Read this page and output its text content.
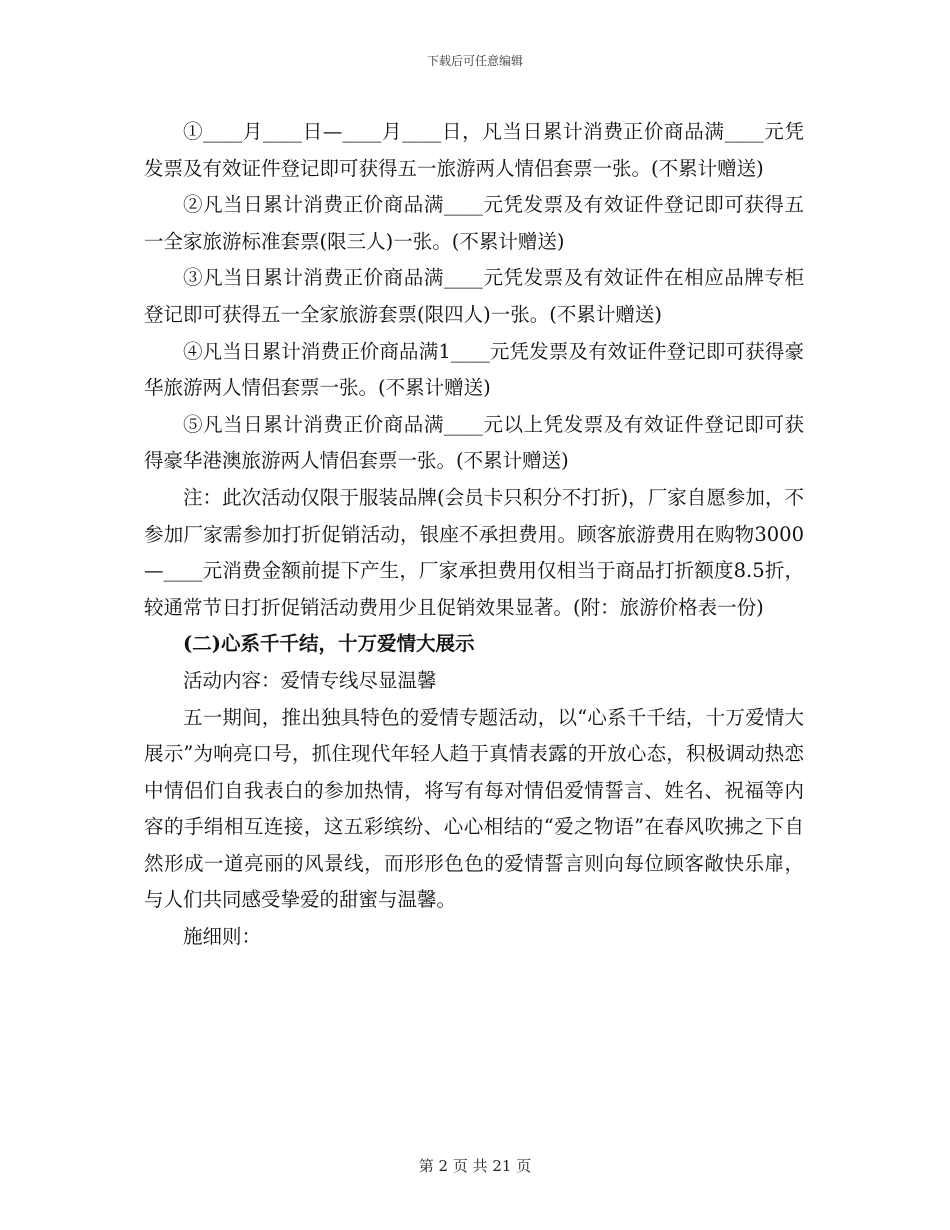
下载后可任意编辑

①____月____日—____月____日，凡当日累计消费正价商品满____元凭发票及有效证件登记即可获得五一旅游两人情侣套票一张。(不累计赠送)

②凡当日累计消费正价商品满____元凭发票及有效证件登记即可获得五一全家旅游标准套票(限三人)一张。(不累计赠送)

③凡当日累计消费正价商品满____元凭发票及有效证件在相应品牌专柜登记即可获得五一全家旅游套票(限四人)一张。(不累计赠送)

④凡当日累计消费正价商品满1____元凭发票及有效证件登记即可获得豪华旅游两人情侣套票一张。(不累计赠送)

⑤凡当日累计消费正价商品满____元以上凭发票及有效证件登记即可获得豪华港澳旅游两人情侣套票一张。(不累计赠送)

注：此次活动仅限于服装品牌(会员卡只积分不打折)，厂家自愿参加，不参加厂家需参加打折促销活动，银座不承担费用。顾客旅游费用在购物3000—____元消费金额前提下产生，厂家承担费用仅相当于商品打折额度8.5折，较通常节日打折促销活动费用少且促销效果显著。(附：旅游价格表一份)

(二)心系千千结，十万爱情大展示

活动内容：爱情专线尽显温馨

五一期间，推出独具特色的爱情专题活动，以“心系千千结，十万爱情大展示”为响亮口号，抓住现代年轻人趋于真情表露的开放心态，积极调动热恋中情侣们自我表白的参加热情，将写有每对情侣爱情誓言、姓名、祝福等内容的手绢相互连接，这五彩缤纷、心心相结的“爱之物语”在春风吹拂之下自然形成一道亮丽的风景线，而形形色色的爱情誓言则向每位顾客敞快乐扉，与人们共同感受挚爱的甜蜜与温馨。

施细则：

第 2 页 共 21 页
